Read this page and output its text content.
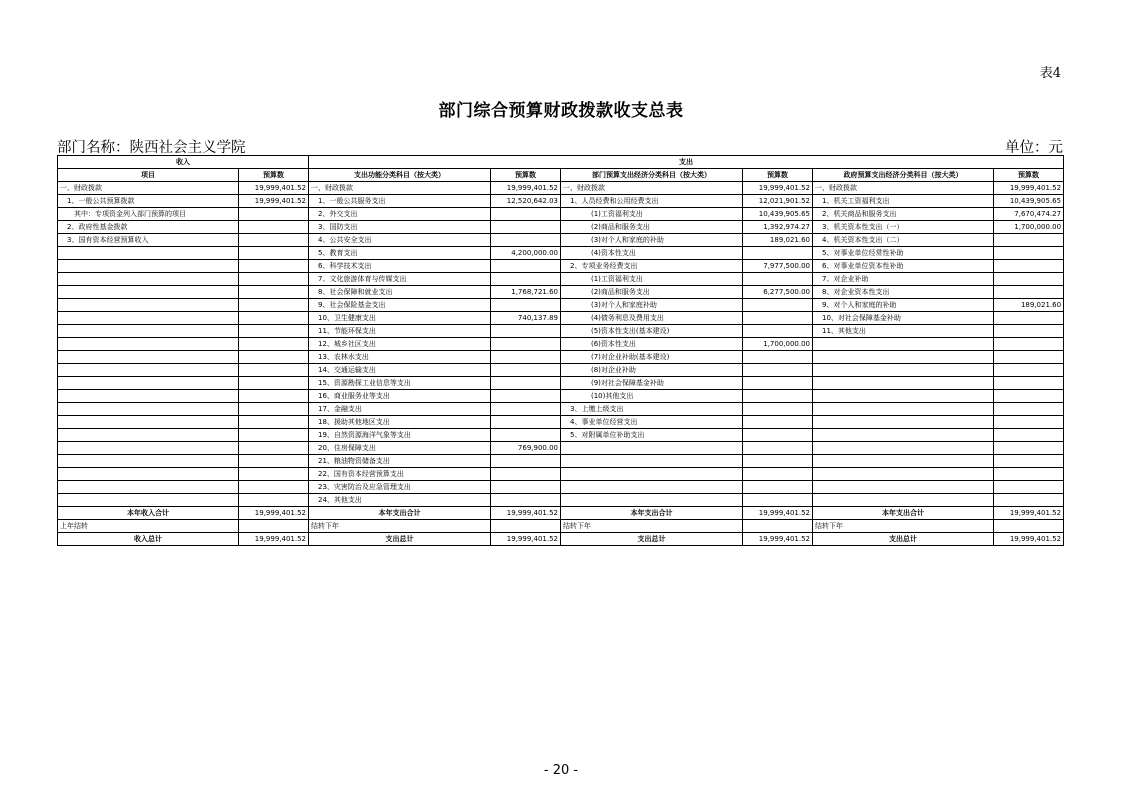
表4
部门综合预算财政拨款收支总表
部门名称：陕西社会主义学院	单位：元
收入		支出					
项目	预算数	支出功能分类科目（按大类）	预算数	部门预算支出经济分类科目（按大类）	预算数	政府预算支出经济分类科目（按大类）	预算数
一、财政拨款	19,999,401.52	一、财政拨款	19,999,401.52	一、财政拨款	19,999,401.52	一、财政拨款	19,999,401.52
　1、一般公共预算拨款	19,999,401.52	　1、一般公共服务支出	12,520,642.03	　1、人员经费和公用经费支出	12,021,901.52	　1、机关工资福利支出	10,439,905.65
　　其中：专项资金列入部门预算的项目		　2、外交支出		　　　　(1)工资福利支出	10,439,905.65	　2、机关商品和服务支出	7,670,474.27
　2、政府性基金拨款		　3、国防支出		　　　　(2)商品和服务支出	1,392,974.27	　3、机关资本性支出（一）	1,700,000.00
　3、国有资本经营预算收入		　4、公共安全支出		　　　　(3)对个人和家庭的补助	189,021.60	　4、机关资本性支出（二）	
		　5、教育支出	4,200,000.00	　　　　(4)资本性支出		　5、对事业单位经常性补助	
		　6、科学技术支出		　2、专项业务经费支出	7,977,500.00	　6、对事业单位资本性补助	
		　7、文化旅游体育与传媒支出		　　　　(1)工资福利支出		　7、对企业补助	
		　8、社会保障和就业支出	1,768,721.60	　　　　(2)商品和服务支出	6,277,500.00	　8、对企业资本性支出	
		　9、社会保险基金支出		　　　　(3)对个人和家庭补助		　9、对个人和家庭的补助	189,021.60
		　10、卫生健康支出	740,137.89	　　　　(4)债务利息及费用支出		　10、对社会保障基金补助	
		　11、节能环保支出		　　　　(5)资本性支出(基本建设)		　11、其他支出	
		　12、城乡社区支出		　　　　(6)资本性支出	1,700,000.00		
		　13、农林水支出		　　　　(7)对企业补助(基本建设)			
		　14、交通运输支出		　　　　(8)对企业补助			
		　15、资源勘探工业信息等支出		　　　　(9)对社会保障基金补助			
		　16、商业服务业等支出		　　　　(10)其他支出			
		　17、金融支出		　3、上缴上级支出			
		　18、援助其他地区支出		　4、事业单位经营支出			
		　19、自然资源海洋气象等支出		　5、对附属单位补助支出			
		　20、住房保障支出	769,900.00				
		　21、粮油物资储备支出					
		　22、国有资本经营预算支出					
		　23、灾害防治及应急管理支出					
		　24、其他支出					
本年收入合计	19,999,401.52	本年支出合计	19,999,401.52	本年支出合计	19,999,401.52	本年支出合计	19,999,401.52
上年结转		结转下年		结转下年		结转下年	
收入总计	19,999,401.52	支出总计	19,999,401.52	支出总计	19,999,401.52	支出总计	19,999,401.52
- 20 -
